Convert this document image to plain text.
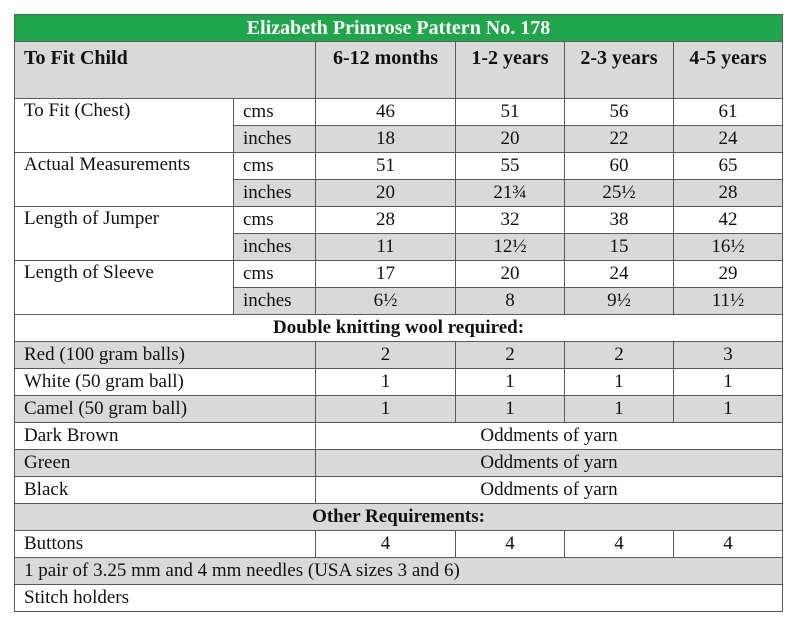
Elizabeth Primrose Pattern No. 178					
To Fit Child		6-12 months	1-2 years	2-3 years	4-5 years
To Fit (Chest)	cms	46	51	56	61
	inches	18	20	22	24
Actual Measurements	cms	51	55	60	65
	inches	20	21¾	25½	28
Length of Jumper	cms	28	32	38	42
	inches	11	12½	15	16½
Length of Sleeve	cms	17	20	24	29
	inches	6½	8	9½	11½
Double knitting wool required:					
Red (100 gram balls)		2	2	2	3
White (50 gram ball)		1	1	1	1
Camel (50 gram ball)		1	1	1	1
Dark Brown		Oddments of yarn			
Green		Oddments of yarn			
Black		Oddments of yarn			
Other Requirements:					
Buttons		4	4	4	4
1 pair of 3.25 mm and 4 mm needles (USA sizes 3 and 6)					
Stitch holders					
